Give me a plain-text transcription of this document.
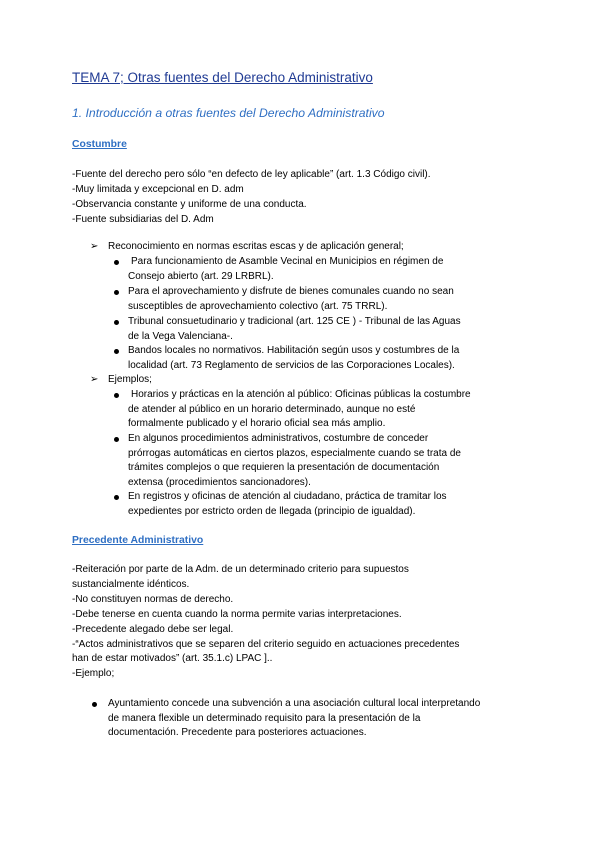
TEMA 7; Otras fuentes del Derecho Administrativo
1. Introducción a otras fuentes del Derecho Administrativo
Costumbre
-Fuente del derecho pero sólo “en defecto de ley aplicable” (art. 1.3 Código civil).
-Muy limitada y excepcional en D. adm
-Observancia constante y uniforme de una conducta.
-Fuente subsidiarias del D. Adm
➢ Reconocimiento en normas escritas escas y de aplicación general;
Para funcionamiento de Asamble Vecinal en Municipios en régimen de
Consejo abierto (art. 29 LRBRL).
Para el aprovechamiento y disfrute de bienes comunales cuando no sean
susceptibles de aprovechamiento colectivo (art. 75 TRRL).
Tribunal consuetudinario y tradicional (art. 125 CE ) - Tribunal de las Aguas
de la Vega Valenciana-.
Bandos locales no normativos. Habilitación según usos y costumbres de la
localidad (art. 73 Reglamento de servicios de las Corporaciones Locales).
➢ Ejemplos;
Horarios y prácticas en la atención al público: Oficinas públicas la costumbre
de atender al público en un horario determinado, aunque no esté
formalmente publicado y el horario oficial sea más amplio.
En algunos procedimientos administrativos, costumbre de conceder
prórrogas automáticas en ciertos plazos, especialmente cuando se trata de
trámites complejos o que requieren la presentación de documentación
extensa (procedimientos sancionadores).
En registros y oficinas de atención al ciudadano, práctica de tramitar los
expedientes por estricto orden de llegada (principio de igualdad).
Precedente Administrativo
-Reiteración por parte de la Adm. de un determinado criterio para supuestos
sustancialmente idénticos.
-No constituyen normas de derecho.
-Debe tenerse en cuenta cuando la norma permite varias interpretaciones.
-Precedente alegado debe ser legal.
-“Actos administrativos que se separen del criterio seguido en actuaciones precedentes
han de estar motivados” (art. 35.1.c) LPAC ]..
-Ejemplo;
Ayuntamiento concede una subvención a una asociación cultural local interpretando
de manera flexible un determinado requisito para la presentación de la
documentación. Precedente para posteriores actuaciones.
